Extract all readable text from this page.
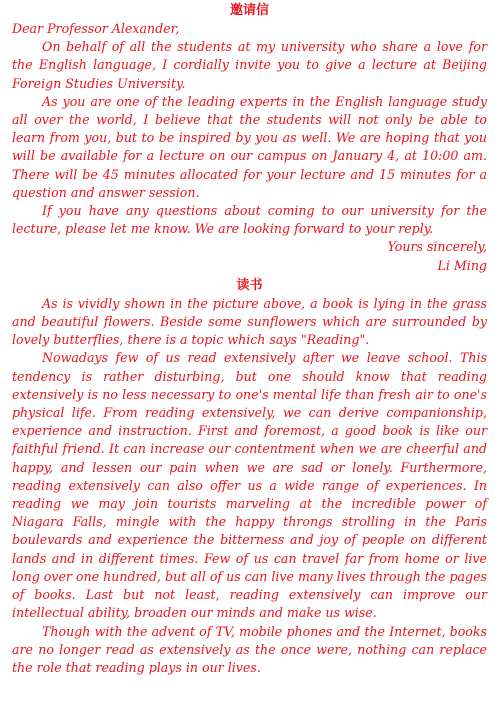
邀请信
Dear Professor Alexander,

On behalf of all the students at my university who share a love for the English language, I cordially invite you to give a lecture at Beijing Foreign Studies University.

As you are one of the leading experts in the English language study all over the world, I believe that the students will not only be able to learn from you, but to be inspired by you as well. We are hoping that you will be available for a lecture on our campus on January 4, at 10:00 am. There will be 45 minutes allocated for your lecture and 15 minutes for a question and answer session.

If you have any questions about coming to our university for the lecture, please let me know. We are looking forward to your reply.

Yours sincerely,
Li Ming
读书

As is vividly shown in the picture above, a book is lying in the grass and beautiful flowers. Beside some sunflowers which are surrounded by lovely butterflies, there is a topic which says "Reading".

Nowadays few of us read extensively after we leave school. This tendency is rather disturbing, but one should know that reading extensively is no less necessary to one's mental life than fresh air to one's physical life. From reading extensively, we can derive companionship, experience and instruction. First and foremost, a good book is like our faithful friend. It can increase our contentment when we are cheerful and happy, and lessen our pain when we are sad or lonely. Furthermore, reading extensively can also offer us a wide range of experiences. In reading we may join tourists marveling at the incredible power of Niagara Falls, mingle with the happy throngs strolling in the Paris boulevards and experience the bitterness and joy of people on different lands and in different times. Few of us can travel far from home or live long over one hundred, but all of us can live many lives through the pages of books. Last but not least, reading extensively can improve our intellectual ability, broaden our minds and make us wise.

Though with the advent of TV, mobile phones and the Internet, books are no longer read as extensively as the once were, nothing can replace the role that reading plays in our lives.
